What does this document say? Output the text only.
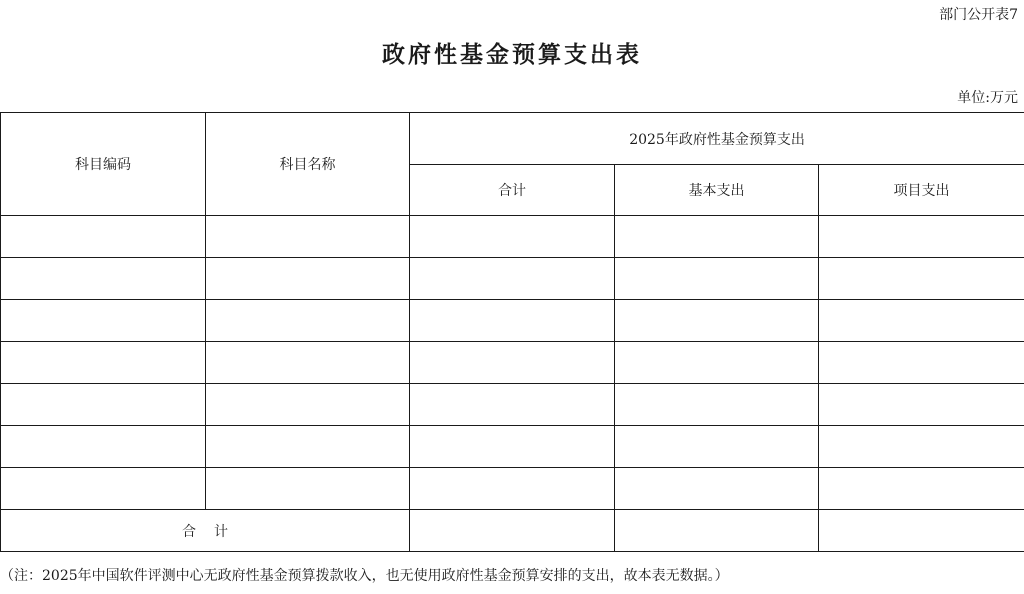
部门公开表7
政府性基金预算支出表
单位:万元
科目编码	科目名称	2025年政府性基金预算支出		
		合计	基本支出	项目支出

合计				
（注：2025年中国软件评测中心无政府性基金预算拨款收入，也无使用政府性基金预算安排的支出，故本表无数据。）
